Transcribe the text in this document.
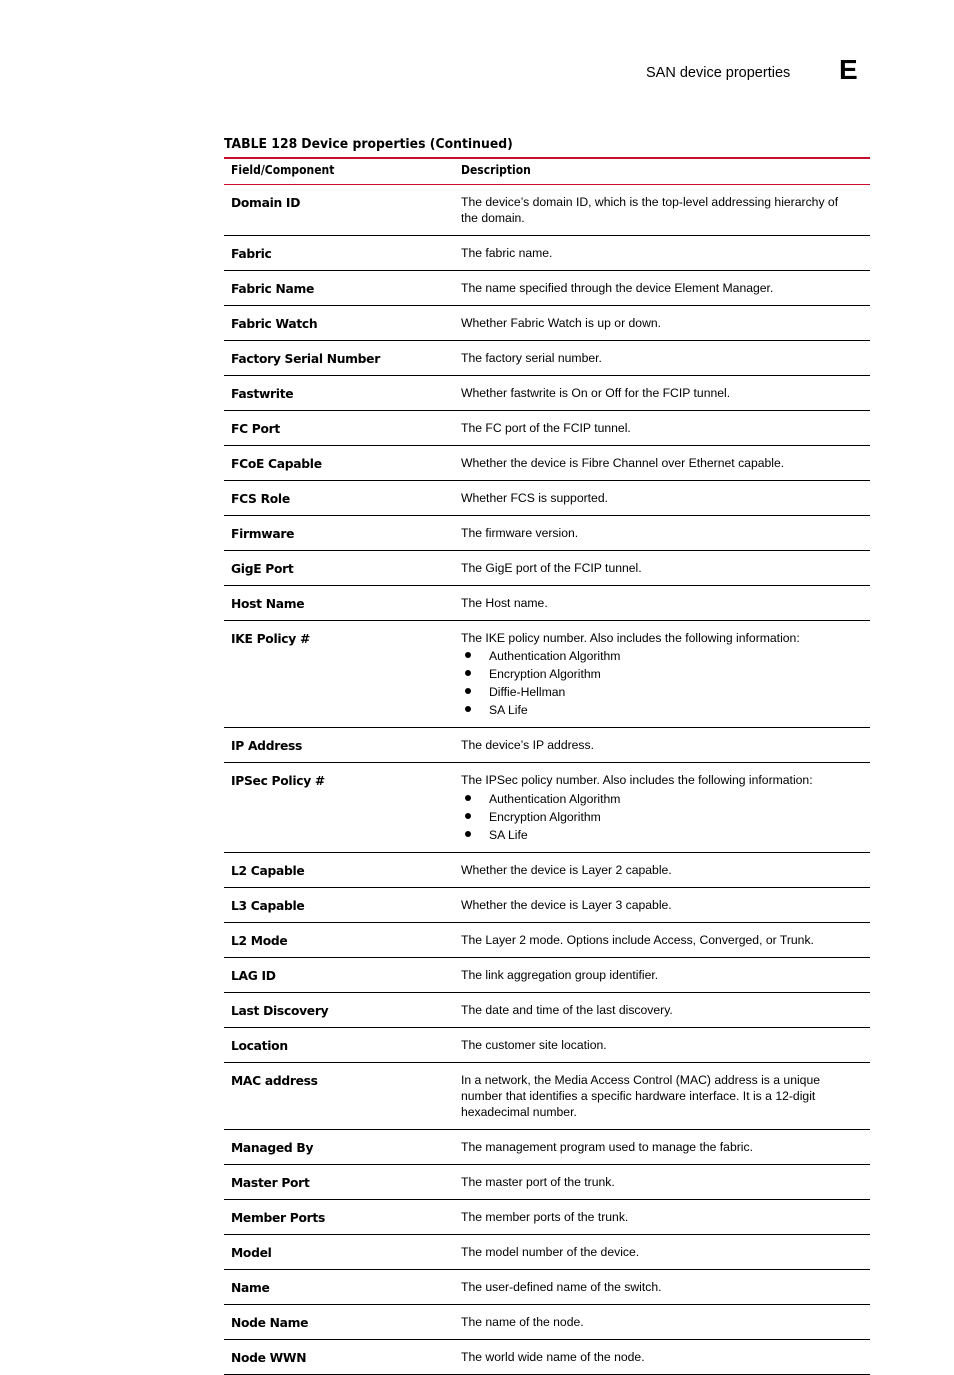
SAN device properties E
TABLE 128 Device properties (Continued)
Field/Component	Description
Domain ID	The device’s domain ID, which is the top-level addressing hierarchy of the domain.
Fabric	The fabric name.
Fabric Name	The name specified through the device Element Manager.
Fabric Watch	Whether Fabric Watch is up or down.
Factory Serial Number	The factory serial number.
Fastwrite	Whether fastwrite is On or Off for the FCIP tunnel.
FC Port	The FC port of the FCIP tunnel.
FCoE Capable	Whether the device is Fibre Channel over Ethernet capable.
FCS Role	Whether FCS is supported.
Firmware	The firmware version.
GigE Port	The GigE port of the FCIP tunnel.
Host Name	The Host name.
IKE Policy #	The IKE policy number. Also includes the following information:
Authentication Algorithm
Encryption Algorithm
Diffie-Hellman
SA Life
IP Address	The device’s IP address.
IPSec Policy #	The IPSec policy number. Also includes the following information:
Authentication Algorithm
Encryption Algorithm
SA Life
L2 Capable	Whether the device is Layer 2 capable.
L3 Capable	Whether the device is Layer 3 capable.
L2 Mode	The Layer 2 mode. Options include Access, Converged, or Trunk.
LAG ID	The link aggregation group identifier.
Last Discovery	The date and time of the last discovery.
Location	The customer site location.
MAC address	In a network, the Media Access Control (MAC) address is a unique number that identifies a specific hardware interface. It is a 12-digit hexadecimal number.
Managed By	The management program used to manage the fabric.
Master Port	The master port of the trunk.
Member Ports	The member ports of the trunk.
Model	The model number of the device.
Name	The user-defined name of the switch.
Node Name	The name of the node.
Node WWN	The world wide name of the node.
